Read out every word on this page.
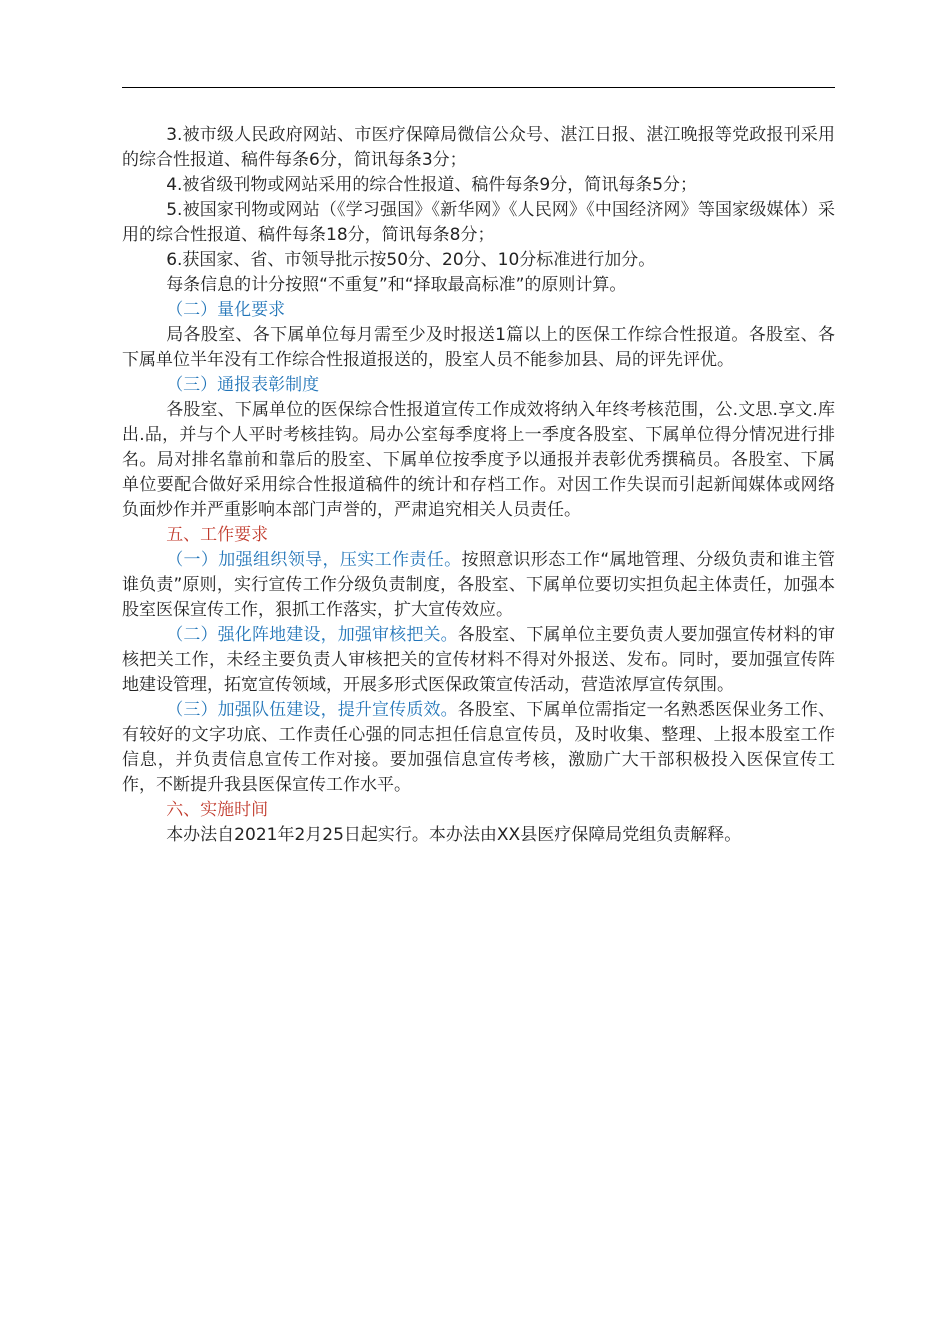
3.被市级人民政府网站、市医疗保障局微信公众号、湛江日报、湛江晚报等党政报刊采用的综合性报道、稿件每条6分，简讯每条3分；

4.被省级刊物或网站采用的综合性报道、稿件每条9分，简讯每条5分；

5.被国家刊物或网站（《学习强国》《新华网》《人民网》《中国经济网》等国家级媒体）采用的综合性报道、稿件每条18分，简讯每条8分；

6.获国家、省、市领导批示按50分、20分、10分标准进行加分。

每条信息的计分按照“不重复”和“择取最高标准”的原则计算。

（二）量化要求

局各股室、各下属单位每月需至少及时报送1篇以上的医保工作综合性报道。各股室、各下属单位半年没有工作综合性报道报送的，股室人员不能参加县、局的评先评优。

（三）通报表彰制度

各股室、下属单位的医保综合性报道宣传工作成效将纳入年终考核范围，公.文思.享文.库出.品，并与个人平时考核挂钩。局办公室每季度将上一季度各股室、下属单位得分情况进行排名。局对排名靠前和靠后的股室、下属单位按季度予以通报并表彰优秀撰稿员。各股室、下属单位要配合做好采用综合性报道稿件的统计和存档工作。对因工作失误而引起新闻媒体或网络负面炒作并严重影响本部门声誉的，严肃追究相关人员责任。

五、工作要求

（一）加强组织领导，压实工作责任。按照意识形态工作“属地管理、分级负责和谁主管谁负责”原则，实行宣传工作分级负责制度，各股室、下属单位要切实担负起主体责任，加强本股室医保宣传工作，狠抓工作落实，扩大宣传效应。

（二）强化阵地建设，加强审核把关。各股室、下属单位主要负责人要加强宣传材料的审核把关工作，未经主要负责人审核把关的宣传材料不得对外报送、发布。同时，要加强宣传阵地建设管理，拓宽宣传领域，开展多形式医保政策宣传活动，营造浓厚宣传氛围。

（三）加强队伍建设，提升宣传质效。各股室、下属单位需指定一名熟悉医保业务工作、有较好的文字功底、工作责任心强的同志担任信息宣传员，及时收集、整理、上报本股室工作信息，并负责信息宣传工作对接。要加强信息宣传考核，激励广大干部积极投入医保宣传工作，不断提升我县医保宣传工作水平。

六、实施时间

本办法自2021年2月25日起实行。本办法由XX县医疗保障局党组负责解释。
